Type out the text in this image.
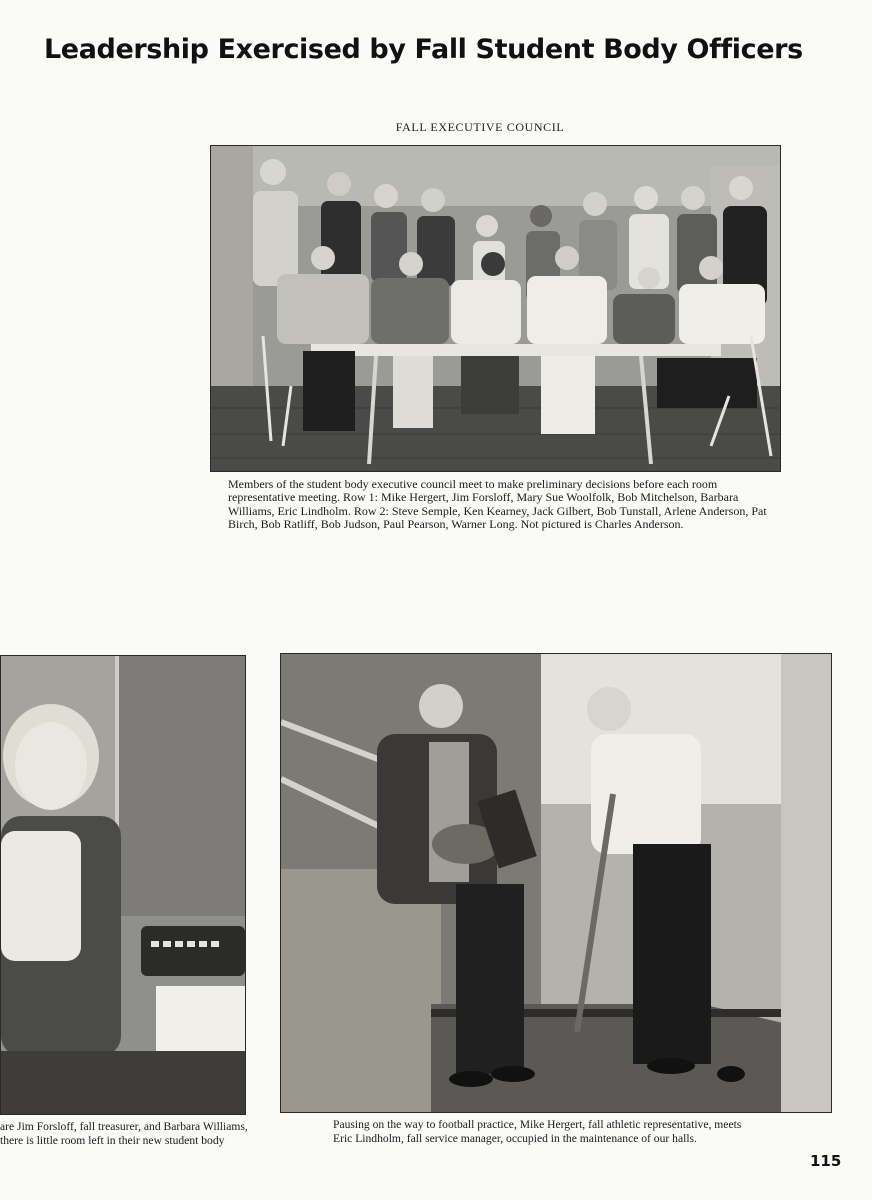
Leadership Exercised by Fall Student Body Officers
FALL EXECUTIVE COUNCIL

Members of the student body executive council meet to make preliminary decisions before each room representative meeting. Row 1: Mike Hergert, Jim Forsloff, Mary Sue Woolfolk, Bob Mitchelson, Barbara Williams, Eric Lindholm. Row 2: Steve Semple, Ken Kearney, Jack Gilbert, Bob Tunstall, Arlene Anderson, Pat Birch, Bob Ratliff, Bob Judson, Paul Pearson, Warner Long. Not pictured is Charles Anderson.

are Jim Forsloff, fall treasurer, and Barbara Williams,
there is little room left in their new student body

Pausing on the way to football practice, Mike Hergert, fall athletic representative, meets
Eric Lindholm, fall service manager, occupied in the maintenance of our halls.

115
